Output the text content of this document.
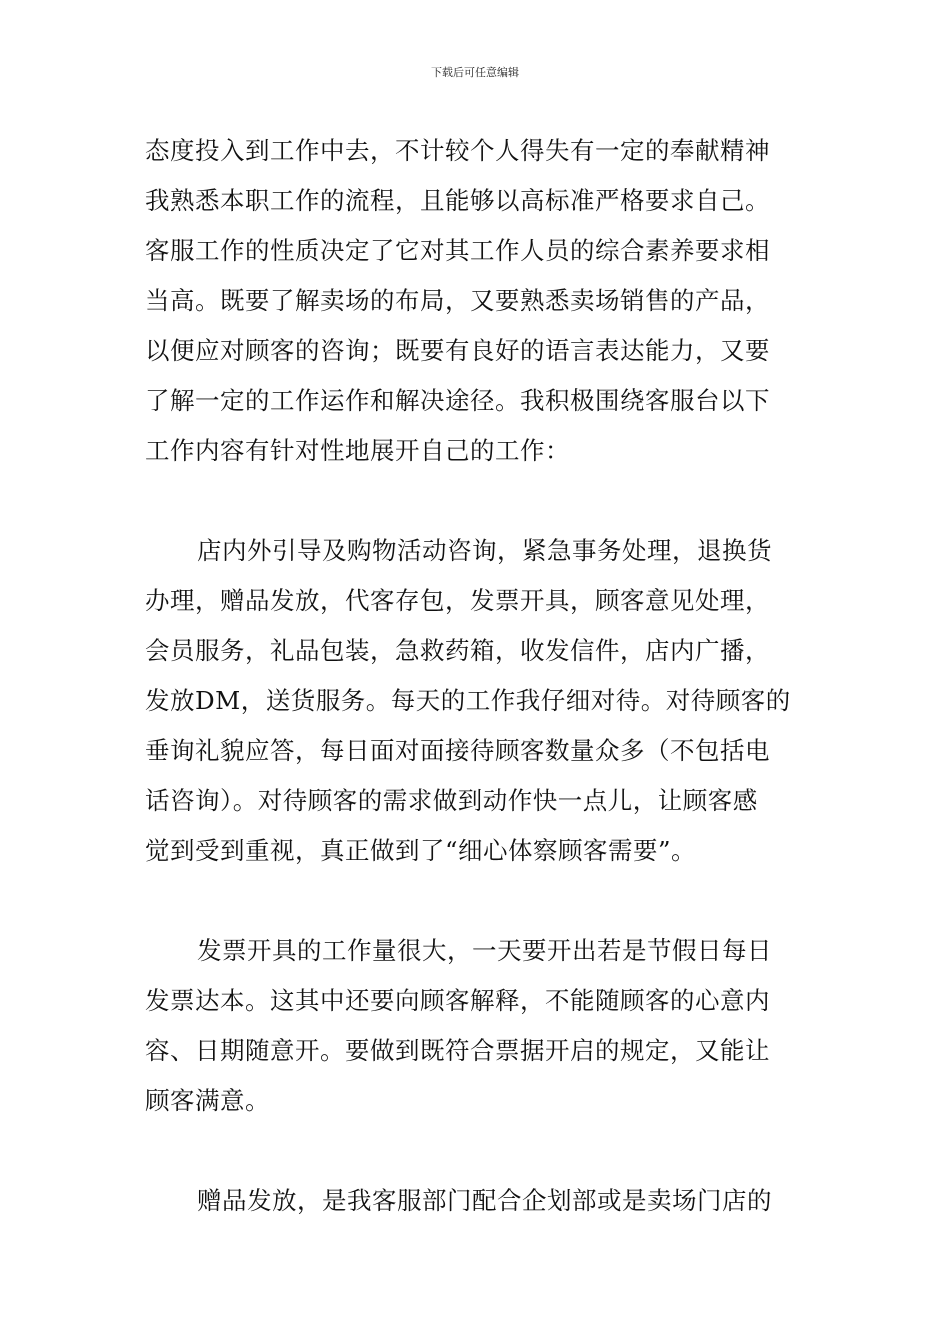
下载后可任意编辑
态度投入到工作中去，不计较个人得失有一定的奉献精神
我熟悉本职工作的流程，且能够以高标准严格要求自己。
客服工作的性质决定了它对其工作人员的综合素养要求相
当高。既要了解卖场的布局，又要熟悉卖场销售的产品，
以便应对顾客的咨询；既要有良好的语言表达能力，又要
了解一定的工作运作和解决途径。我积极围绕客服台以下
工作内容有针对性地展开自己的工作：
店内外引导及购物活动咨询，紧急事务处理，退换货
办理，赠品发放，代客存包，发票开具，顾客意见处理，
会员服务，礼品包装，急救药箱，收发信件，店内广播，
发放DM，送货服务。每天的工作我仔细对待。对待顾客的
垂询礼貌应答，每日面对面接待顾客数量众多（不包括电
话咨询）。对待顾客的需求做到动作快一点儿，让顾客感
觉到受到重视，真正做到了“细心体察顾客需要”。
发票开具的工作量很大，一天要开出若是节假日每日
发票达本。这其中还要向顾客解释，不能随顾客的心意内
容、日期随意开。要做到既符合票据开启的规定，又能让
顾客满意。
赠品发放，是我客服部门配合企划部或是卖场门店的
